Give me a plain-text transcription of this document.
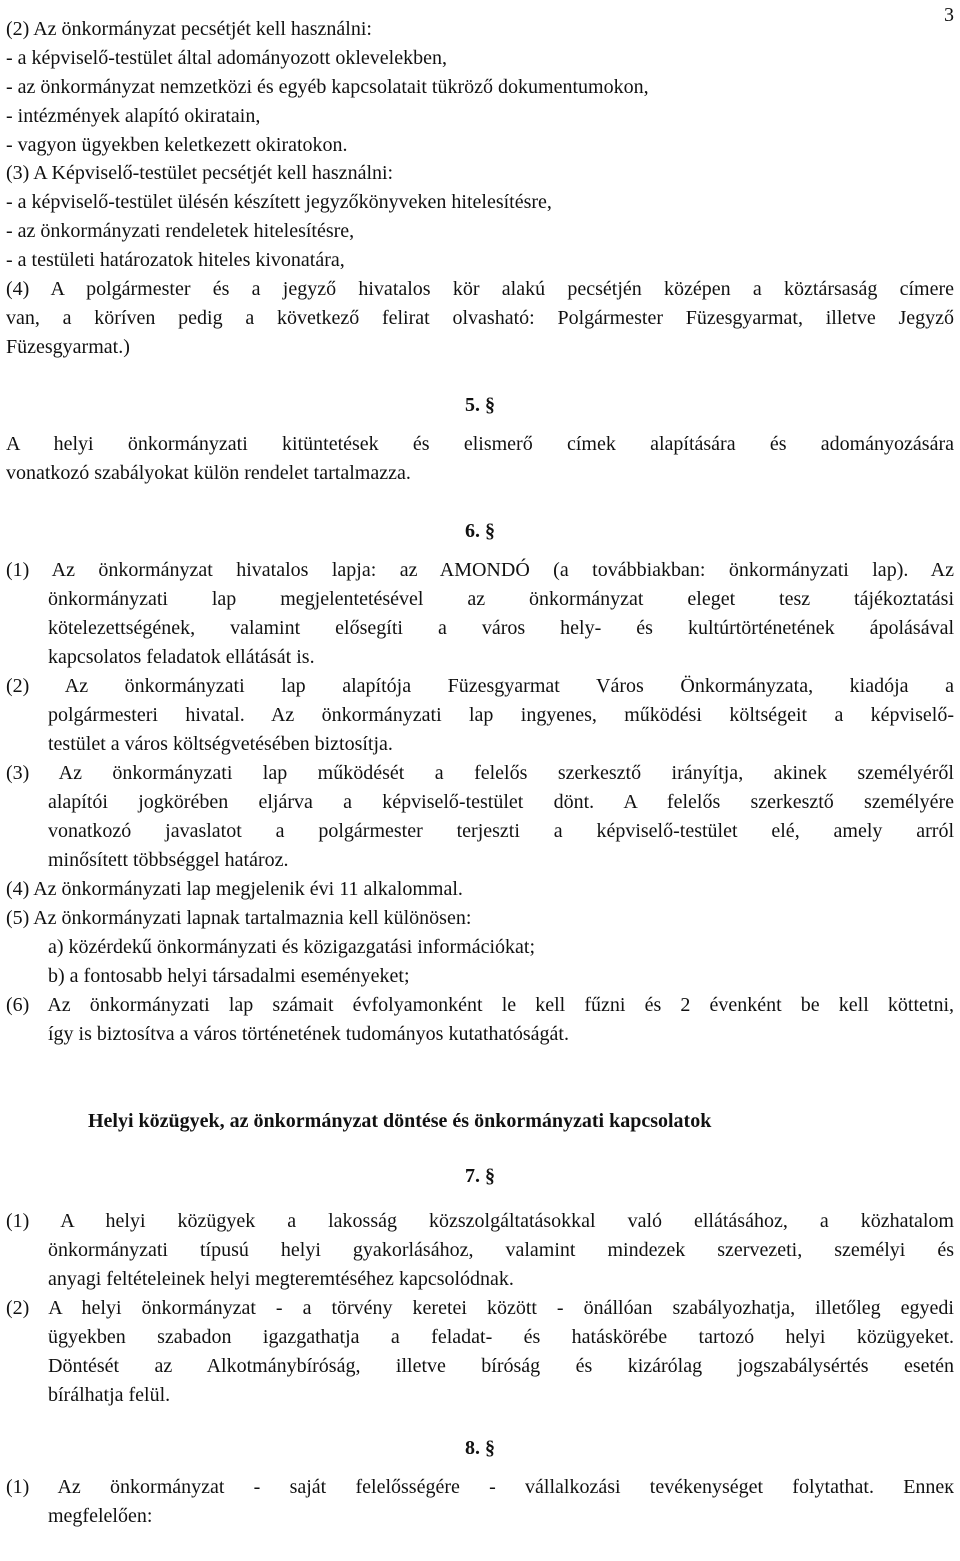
3
(2) Az önkormányzat pecsétjét kell használni:
- a képviselő-testület által adományozott oklevelekben,
- az önkormányzat nemzetközi és egyéb kapcsolatait tükröző dokumentumokon,
- intézmények alapító okiratain,
- vagyon ügyekben keletkezett okiratokon.
(3) A Képviselő-testület pecsétjét kell használni:
- a képviselő-testület ülésén készített jegyzőkönyveken hitelesítésre,
- az önkormányzati rendeletek hitelesítésre,
- a testületi határozatok hiteles kivonatára,
(4) A polgármester és a jegyző hivatalos kör alakú pecsétjén középen a köztársaság címere
van, a köríven pedig a következő felirat olvasható: Polgármester Füzesgyarmat, illetve Jegyző
Füzesgyarmat.)
5. §
A helyi önkormányzati kitüntetések és elismerő címek alapítására és adományozására
vonatkozó szabályokat külön rendelet tartalmazza.
6. §
(1) Az önkormányzat hivatalos lapja: az AMONDÓ (a továbbiakban: önkormányzati lap). Az
önkormányzati lap megjelentetésével az önkormányzat eleget tesz tájékoztatási
kötelezettségének, valamint elősegíti a város hely- és kultúrtörténetének ápolásával
kapcsolatos feladatok ellátását is.
(2) Az önkormányzati lap alapítója Füzesgyarmat Város Önkormányzata, kiadója a
polgármesteri hivatal. Az önkormányzati lap ingyenes, működési költségeit a képviselő-
testület a város költségvetésében biztosítja.
(3) Az önkormányzati lap működését a felelős szerkesztő irányítja, akinek személyéről
alapítói jogkörében eljárva a képviselő-testület dönt. A felelős szerkesztő személyére
vonatkozó javaslatot a polgármester terjeszti a képviselő-testület elé, amely arról
minősített többséggel határoz.
(4) Az önkormányzati lap megjelenik évi 11 alkalommal.
(5) Az önkormányzati lapnak tartalmaznia kell különösen:
a) közérdekű önkormányzati és közigazgatási információkat;
b) a fontosabb helyi társadalmi eseményeket;
(6) Az önkormányzati lap számait évfolyamonként le kell fűzni és 2 évenként be kell köttetni,
így is biztosítva a város történetének tudományos kutathatóságát.
Helyi közügyek, az önkormányzat döntése és önkormányzati kapcsolatok
7. §
(1) A helyi közügyek a lakosság közszolgáltatásokkal való ellátásához, a közhatalom
önkormányzati típusú helyi gyakorlásához, valamint mindezek szervezeti, személyi és
anyagi feltételeinek helyi megteremtéséhez kapcsolódnak.
(2) A helyi önkormányzat - a törvény keretei között - önállóan szabályozhatja, illetőleg egyedi
ügyekben szabadon igazgathatja a feladat- és hatáskörébe tartozó helyi közügyeket.
Döntését az Alkotmánybíróság, illetve bíróság és kizárólag jogszabálysértés esetén
bírálhatja felül.
8. §
(1) Az önkormányzat - saját felelősségére - vállalkozási tevékenységet folytathat. Enneк
megfelelően:
